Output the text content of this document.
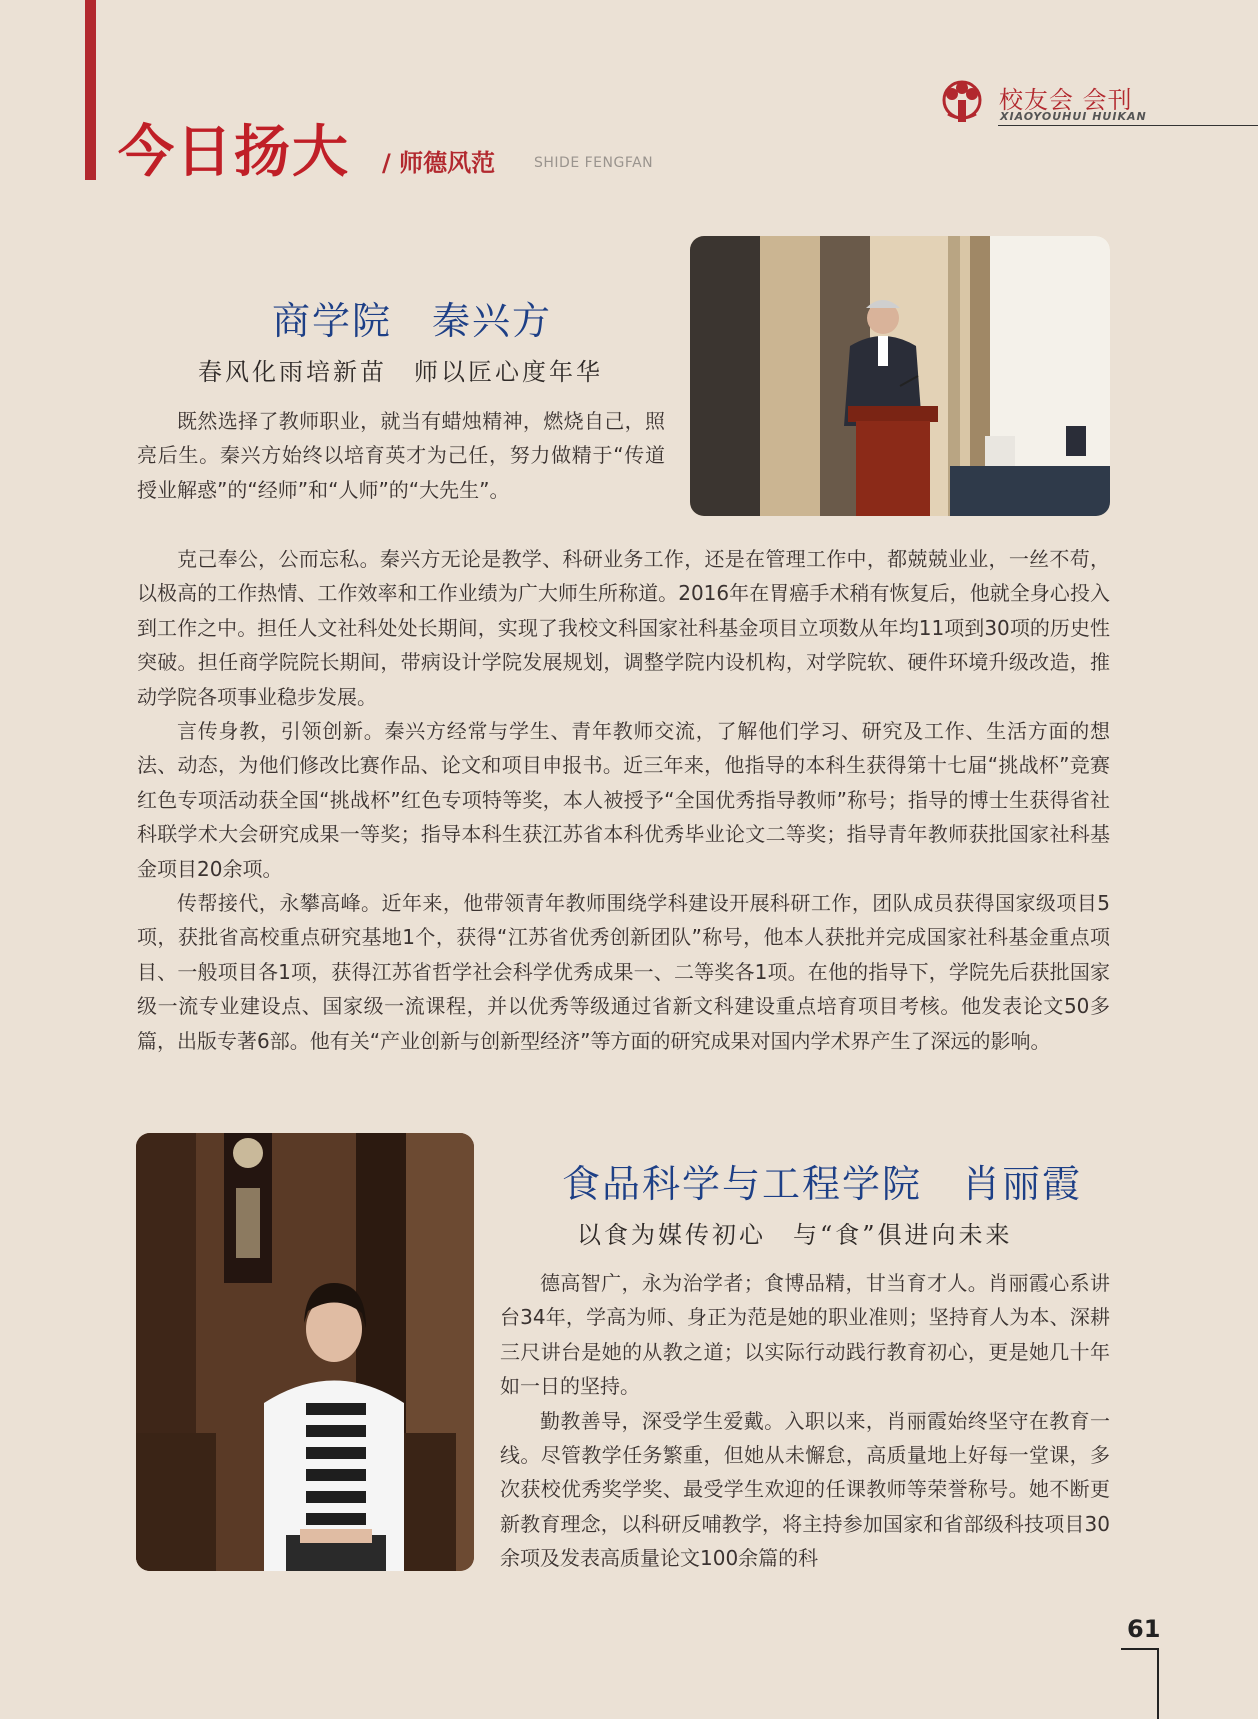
今日扬大 / 师德风范	SHIDE FENGFAN
校友会 会刊
XIAOYOUHUI HUIKAN
商学院　秦兴方
春风化雨培新苗　师以匠心度年华

既然选择了教师职业，就当有蜡烛精神，燃烧自己，照亮后生。秦兴方始终以培育英才为己任，努力做精于“传道授业解惑”的“经师”和“人师”的“大先生”。

克己奉公，公而忘私。秦兴方无论是教学、科研业务工作，还是在管理工作中，都兢兢业业，一丝不苟，以极高的工作热情、工作效率和工作业绩为广大师生所称道。2016年在胃癌手术稍有恢复后，他就全身心投入到工作之中。担任人文社科处处长期间，实现了我校文科国家社科基金项目立项数从年均11项到30项的历史性突破。担任商学院院长期间，带病设计学院发展规划，调整学院内设机构，对学院软、硬件环境升级改造，推动学院各项事业稳步发展。

言传身教，引领创新。秦兴方经常与学生、青年教师交流，了解他们学习、研究及工作、生活方面的想法、动态，为他们修改比赛作品、论文和项目申报书。近三年来，他指导的本科生获得第十七届“挑战杯”竞赛红色专项活动获全国“挑战杯”红色专项特等奖，本人被授予“全国优秀指导教师”称号；指导的博士生获得省社科联学术大会研究成果一等奖；指导本科生获江苏省本科优秀毕业论文二等奖；指导青年教师获批国家社科基金项目20余项。

传帮接代，永攀高峰。近年来，他带领青年教师围绕学科建设开展科研工作，团队成员获得国家级项目5项，获批省高校重点研究基地1个，获得“江苏省优秀创新团队”称号，他本人获批并完成国家社科基金重点项目、一般项目各1项，获得江苏省哲学社会科学优秀成果一、二等奖各1项。在他的指导下，学院先后获批国家级一流专业建设点、国家级一流课程，并以优秀等级通过省新文科建设重点培育项目考核。他发表论文50多篇，出版专著6部。他有关“产业创新与创新型经济”等方面的研究成果对国内学术界产生了深远的影响。

食品科学与工程学院　肖丽霞
以食为媒传初心　与“食”俱进向未来

德高智广，永为治学者；食博品精，甘当育才人。肖丽霞心系讲台34年，学高为师、身正为范是她的职业准则；坚持育人为本、深耕三尺讲台是她的从教之道；以实际行动践行教育初心，更是她几十年如一日的坚持。

勤教善导，深受学生爱戴。入职以来，肖丽霞始终坚守在教育一线。尽管教学任务繁重，但她从未懈怠，高质量地上好每一堂课，多次获校优秀奖学奖、最受学生欢迎的任课教师等荣誉称号。她不断更新教育理念，以科研反哺教学，将主持参加国家和省部级科技项目30余项及发表高质量论文100余篇的科

61
